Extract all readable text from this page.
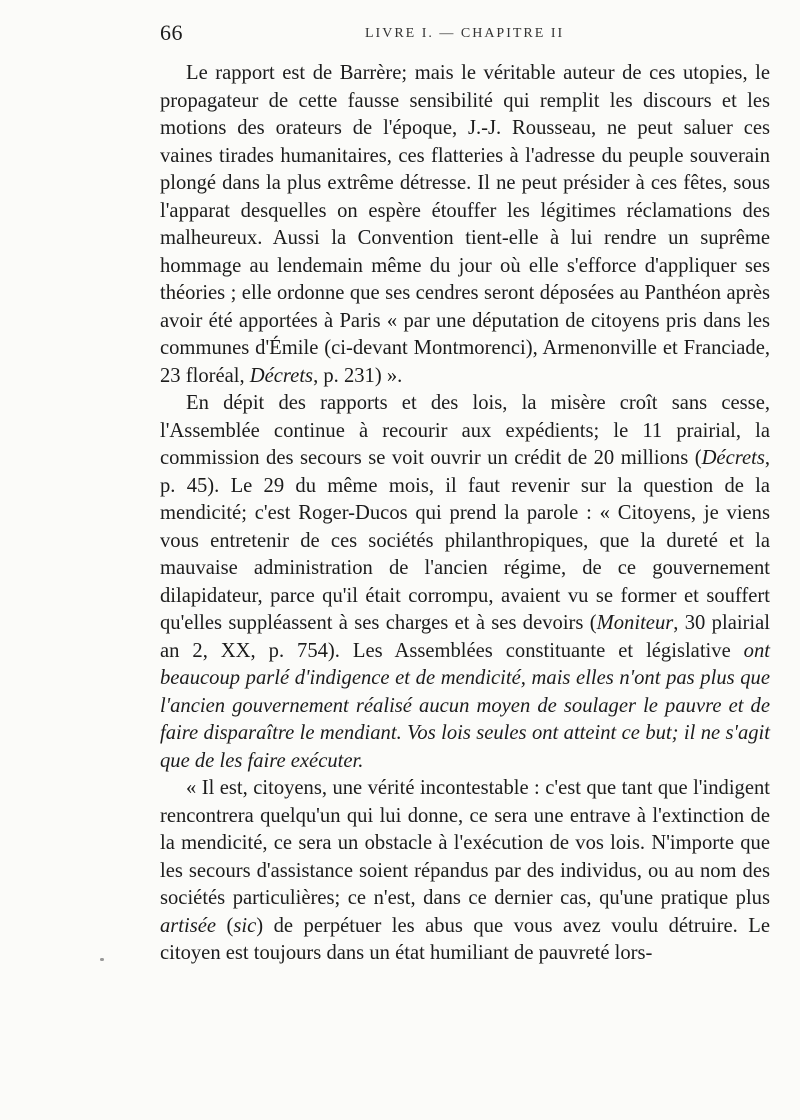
66	LIVRE I. — CHAPITRE II

Le rapport est de Barrère; mais le véritable auteur de ces utopies, le propagateur de cette fausse sensibilité qui remplit les discours et les motions des orateurs de l'époque, J.-J. Rousseau, ne peut saluer ces vaines tirades humanitaires, ces flatteries à l'adresse du peuple souverain plongé dans la plus extrême détresse. Il ne peut présider à ces fêtes, sous l'apparat desquelles on espère étouffer les légitimes réclamations des malheureux. Aussi la Convention tient-elle à lui rendre un suprême hommage au lendemain même du jour où elle s'efforce d'appliquer ses théories ; elle ordonne que ses cendres seront déposées au Panthéon après avoir été apportées à Paris « par une députation de citoyens pris dans les communes d'Émile (ci-devant Montmorenci), Armenonville et Franciade, 23 floréal, Décrets, p. 231) ».

En dépit des rapports et des lois, la misère croît sans cesse, l'Assemblée continue à recourir aux expédients; le 11 prairial, la commission des secours se voit ouvrir un crédit de 20 millions (Décrets, p. 45). Le 29 du même mois, il faut revenir sur la question de la mendicité; c'est Roger-Ducos qui prend la parole : « Citoyens, je viens vous entretenir de ces sociétés philanthropiques, que la dureté et la mauvaise administration de l'ancien régime, de ce gouvernement dilapidateur, parce qu'il était corrompu, avaient vu se former et souffert qu'elles suppléassent à ses charges et à ses devoirs (Moniteur, 30 plairial an 2, XX, p. 754). Les Assemblées constituante et législative ont beaucoup parlé d'indigence et de mendicité, mais elles n'ont pas plus que l'ancien gouvernement réalisé aucun moyen de soulager le pauvre et de faire disparaître le mendiant. Vos lois seules ont atteint ce but; il ne s'agit que de les faire exécuter.

« Il est, citoyens, une vérité incontestable : c'est que tant que l'indigent rencontrera quelqu'un qui lui donne, ce sera une entrave à l'extinction de la mendicité, ce sera un obstacle à l'exécution de vos lois. N'importe que les secours d'assistance soient répandus par des individus, ou au nom des sociétés particulières; ce n'est, dans ce dernier cas, qu'une pratique plus artisée (sic) de perpétuer les abus que vous avez voulu détruire. Le citoyen est toujours dans un état humiliant de pauvreté lors-
